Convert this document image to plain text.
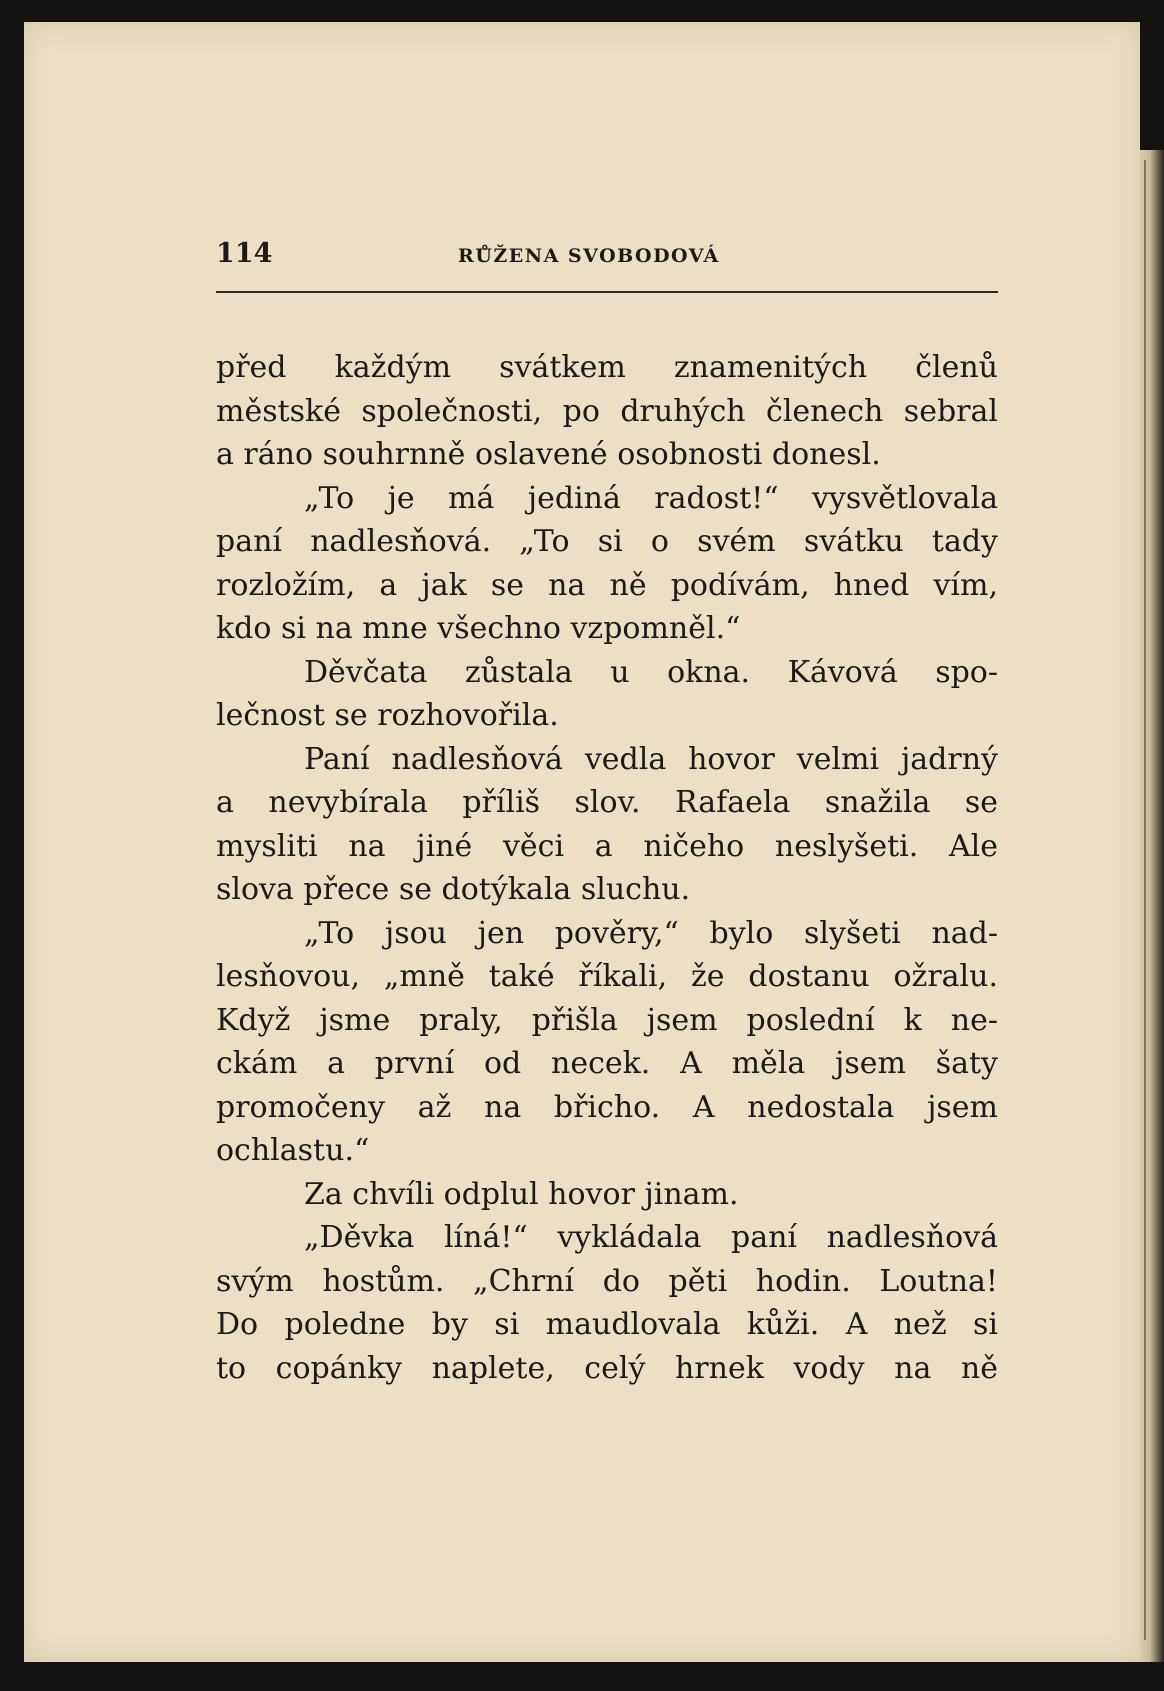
114	RŮŽENA SVOBODOVÁ
před každým svátkem znamenitých členů
městské společnosti, po druhých členech sebral
a ráno souhrnně oslavené osobnosti donesl.
„To je má jediná radost!“ vysvětlovala
paní nadlesňová. „To si o svém svátku tady
rozložím, a jak se na ně podívám, hned vím,
kdo si na mne všechno vzpomněl.“
Děvčata zůstala u okna. Kávová spo-
lečnost se rozhovořila.
Paní nadlesňová vedla hovor velmi jadrný
a nevybírala příliš slov. Rafaela snažila se
mysliti na jiné věci a ničeho neslyšeti. Ale
slova přece se dotýkala sluchu.
„To jsou jen pověry,“ bylo slyšeti nad-
lesňovou, „mně také říkali, že dostanu ožralu.
Když jsme praly, přišla jsem poslední k ne-
ckám a první od necek. A měla jsem šaty
promočeny až na břicho. A nedostala jsem
ochlastu.“
Za chvíli odplul hovor jinam.
„Děvka líná!“ vykládala paní nadlesňová
svým hostům. „Chrní do pěti hodin. Loutna!
Do poledne by si maudlovala kůži. A než si
to copánky naplete, celý hrnek vody na ně
